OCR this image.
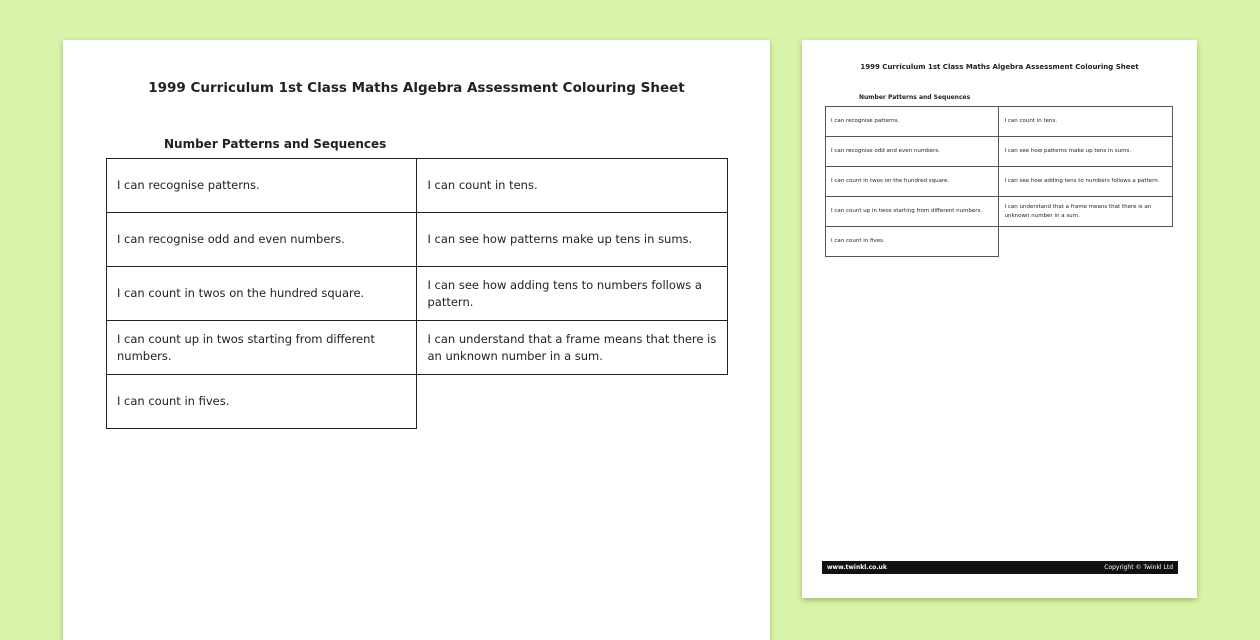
1999 Curriculum 1st Class Maths Algebra Assessment Colouring Sheet
Number Patterns and Sequences
I can recognise patterns.	I can count in tens.
I can recognise odd and even numbers.	I can see how patterns make up tens in sums.
I can count in twos on the hundred square.	I can see how adding tens to numbers follows a pattern.
I can count up in twos starting from different numbers.	I can understand that a frame means that there is an unknown number in a sum.
I can count in fives.	
1999 Curriculum 1st Class Maths Algebra Assessment Colouring Sheet
Number Patterns and Sequences
I can recognise patterns.	I can count in tens.
I can recognise odd and even numbers.	I can see how patterns make up tens in sums.
I can count in twos on the hundred square.	I can see how adding tens to numbers follows a pattern.
I can count up in twos starting from different numbers.	I can understand that a frame means that there is an unknown number in a sum.
I can count in fives.	
www.twinkl.co.uk	Copyright © Twinkl Ltd
